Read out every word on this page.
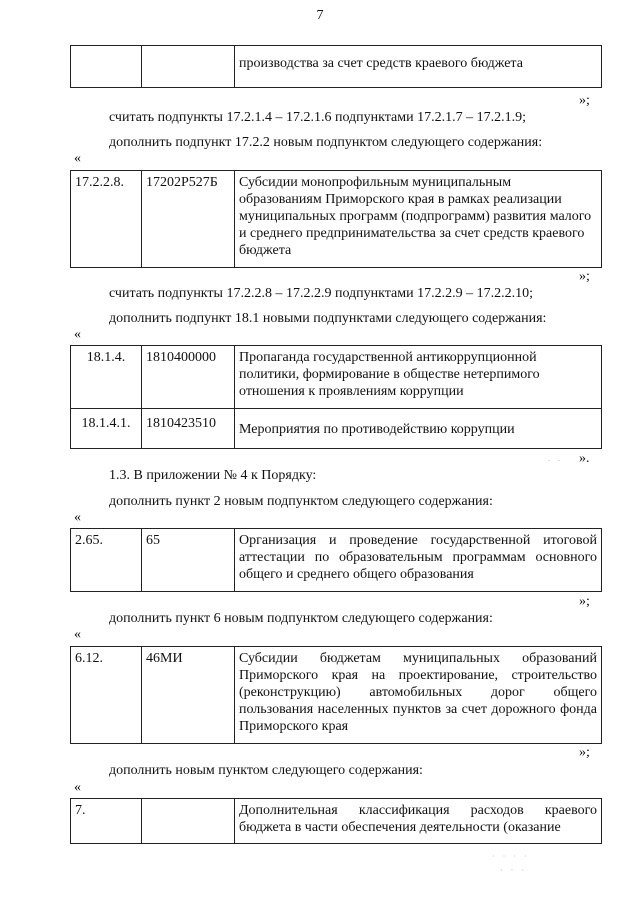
7
		производства за счет средств краевого бюджета
»;
считать подпункты 17.2.1.4 – 17.2.1.6 подпунктами 17.2.1.7 – 17.2.1.9;
дополнить подпункт 17.2.2 новым подпунктом следующего содержания:
«
17.2.2.8.	17202Р527Б	Субсидии монопрофильным муниципальным образованиям Приморского края в рамках реализации муниципальных программ (подпрограмм) развития малого и среднего предпринимательства за счет средств краевого бюджета
»;
считать подпункты 17.2.2.8 – 17.2.2.9 подпунктами 17.2.2.9 – 17.2.2.10;
дополнить подпункт 18.1 новыми подпунктами следующего содержания:
«
18.1.4.	1810400000	Пропаганда государственной антикоррупционной политики, формирование в обществе нетерпимого отношения к проявлениям коррупции
18.1.4.1.	1810423510	Мероприятия по противодействию коррупции
. . ».
1.3. В приложении № 4 к Порядку:
дополнить пункт 2 новым подпунктом следующего содержания:
«
2.65.	65	Организация и проведение государственной итоговой аттестации по образовательным программам основного общего и среднего общего образования
»;
дополнить пункт 6 новым подпунктом следующего содержания:
«
6.12.	46МИ	Субсидии бюджетам муниципальных образований Приморского края на проектирование, строительство (реконструкцию) автомобильных дорог общего пользования населенных пунктов за счет дорожного фонда Приморского края
»;
дополнить новым пунктом следующего содержания:
«
7.		Дополнительная классификация расходов краевого бюджета в части обеспечения деятельности (оказание
· · · ·
· · ·
